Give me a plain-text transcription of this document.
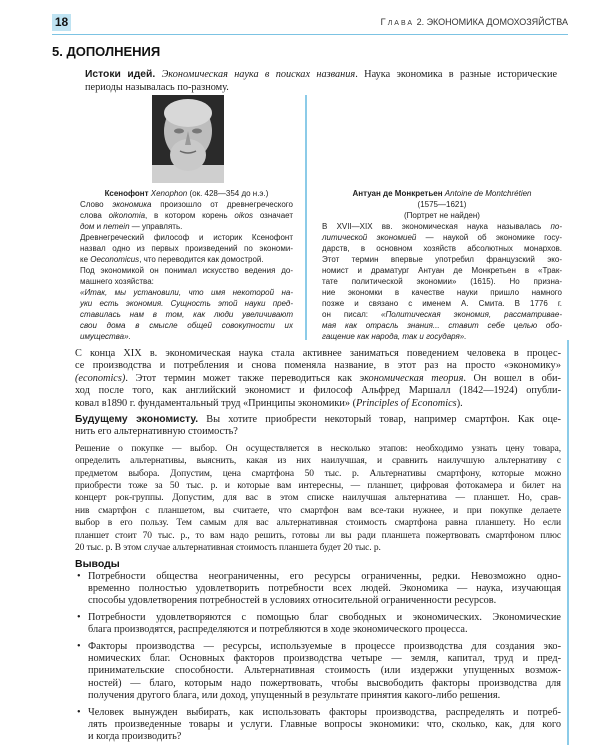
18	Глава 2. ЭКОНОМИКА ДОМОХОЗЯЙСТВА
5. ДОПОЛНЕНИЯ
Истоки идей. Экономическая наука в поисках названия. Наука экономика в разные исторические
периоды называлась по-разному.
Ксенофонт Xenophon (ок. 428—354 до н.э.)
Слово экономика произошло от древнегреческого
слова oikonomia, в котором корень oikos означает
дом и nemein — управлять.
Древнегреческий философ и историк Ксенофонт
назвал одно из первых произведений по экономи-
ке Oeconomicus, что переводится как домострой.
Под экономикой он понимал искусство ведения до-
машнего хозяйства:
«Итак, мы установили, что имя некоторой на-
уки есть экономия. Сущность этой науки пред-
ставилась нам в том, как люди увеличивают
свои дома в смысле общей совокупности их
имущества».
Антуан де Монкретьен Antoine de Montchrétien
(1575—1621)
(Портрет не найден)
В XVII—XIX вв. экономическая наука называлась по-
литической экономией — наукой об экономике госу-
дарств, в основном хозяйств абсолютных монархов.
Этот термин впервые употребил французский эко-
номист и драматург Антуан де Монкретьен в «Трак-
тате политической экономии» (1615). Но призна-
ние экономки в качестве науки пришло намного
позже и связано с именем А. Смита. В 1776 г.
он писал: «Политическая экономия, рассматривае-
мая как отрасль знания... ставит себе целью обо-
гащение как народа, так и государя».
С конца XIX в. экономическая наука стала активнее заниматься поведением человека в процес-
се производства и потребления и снова поменяла название, в этот раз на просто «экономику»
(economics). Этот термин может также переводиться как экономическая теория. Он вошел в оби-
ход после того, как английский экономист и философ Альфред Маршалл (1842—1924) опубли-
ковал в1890 г. фундаментальный труд «Принципы экономики» (Principles of Economics).
Будущему экономисту. Вы хотите приобрести некоторый товар, например смартфон. Как оце-
нить его альтернативную стоимость?
Решение о покупке — выбор. Он осуществляется в несколько этапов: необходимо узнать цену товара,
определить альтернативы, выяснить, какая из них наилучшая, и сравнить наилучшую альтернативу с
предметом выбора. Допустим, цена смартфона 50 тыс. р. Альтернативы смартфону, которые можно
приобрести тоже за 50 тыс. р. и которые вам интересны, — планшет, цифровая фотокамера и билет на
концерт рок-группы. Допустим, для вас в этом списке наилучшая альтернатива — планшет. Но, срав-
нив смартфон с планшетом, вы считаете, что смартфон вам все-таки нужнее, и при покупке делаете
выбор в его пользу. Тем самым для вас альтернативная стоимость смартфона равна планшету. Но если
планшет стоит 70 тыс. р., то вам надо решить, готовы ли вы ради планшета пожертвовать смартфоном плюс
20 тыс. р. В этом случае альтернативная стоимость планшета будет 20 тыс. р.
Выводы
• Потребности общества неограниченны, его ресурсы ограниченны, редки. Невозможно одно-
временно полностью удовлетворить потребности всех людей. Экономика — наука, изучающая
способы удовлетворения потребностей в условиях относительной ограниченности ресурсов.
• Потребности удовлетворяются с помощью благ свободных и экономических. Экономические
блага производятся, распределяются и потребляются в ходе экономического процесса.
• Факторы производства — ресурсы, используемые в процессе производства для создания эко-
номических благ. Основных факторов производства четыре — земля, капитал, труд и пред-
принимательские способности. Альтернативная стоимость (или издержки упущенных возмож-
ностей) — благо, которым надо пожертвовать, чтобы высвободить факторы производства для
получения другого блага, или доход, упущенный в результате принятия какого-либо решения.
• Человек вынужден выбирать, как использовать факторы производства, распределять и потреб-
лять произведенные товары и услуги. Главные вопросы экономики: что, сколько, как, для кого
и когда производить?
